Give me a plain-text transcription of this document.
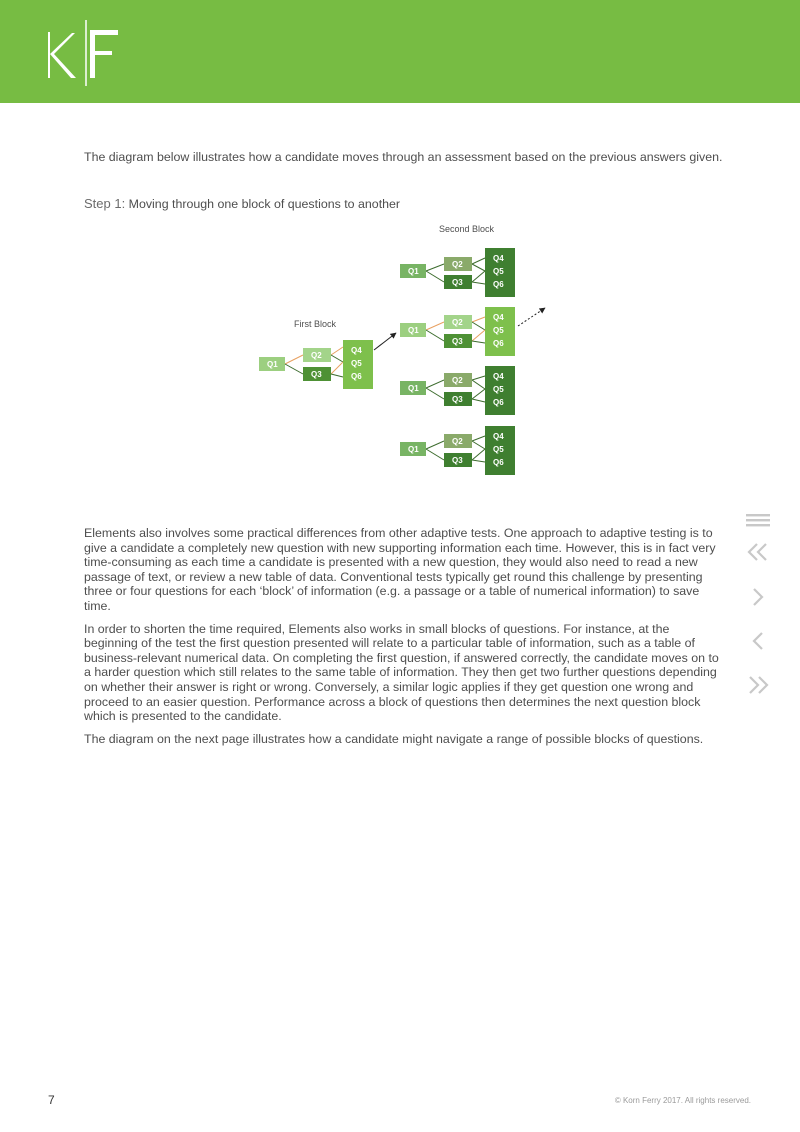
The diagram below illustrates how a candidate moves through an assessment based on the previous answers given.

Step 1: Moving through one block of questions to another
First Block
Second Block
Q1
Q2
Q3
Q4
Q5
Q6
Q1
Q2
Q3
Q4
Q5
Q6
Q1
Q2
Q3
Q4
Q5
Q6
Q1
Q2
Q3
Q4
Q5
Q6
Q1
Q2
Q3
Q4
Q5
Q6

Elements also involves some practical differences from other adaptive tests. One approach to adaptive testing is to give a candidate a completely new question with new supporting information each time. However, this is in fact very time-consuming as each time a candidate is presented with a new question, they would also need to read a new passage of text, or review a new table of data. Conventional tests typically get round this challenge by presenting three or four questions for each ‘block’ of information (e.g. a passage or a table of numerical information) to save time.

In order to shorten the time required, Elements also works in small blocks of questions. For instance, at the beginning of the test the first question presented will relate to a particular table of information, such as a table of business-relevant numerical data. On completing the first question, if answered correctly, the candidate moves on to a harder question which still relates to the same table of information. They then get two further questions depending on whether their answer is right or wrong. Conversely, a similar logic applies if they get question one wrong and proceed to an easier question. Performance across a block of questions then determines the next question block which is presented to the candidate.

The diagram on the next page illustrates how a candidate might navigate a range of possible blocks of questions.

7	© Korn Ferry 2017. All rights reserved.
